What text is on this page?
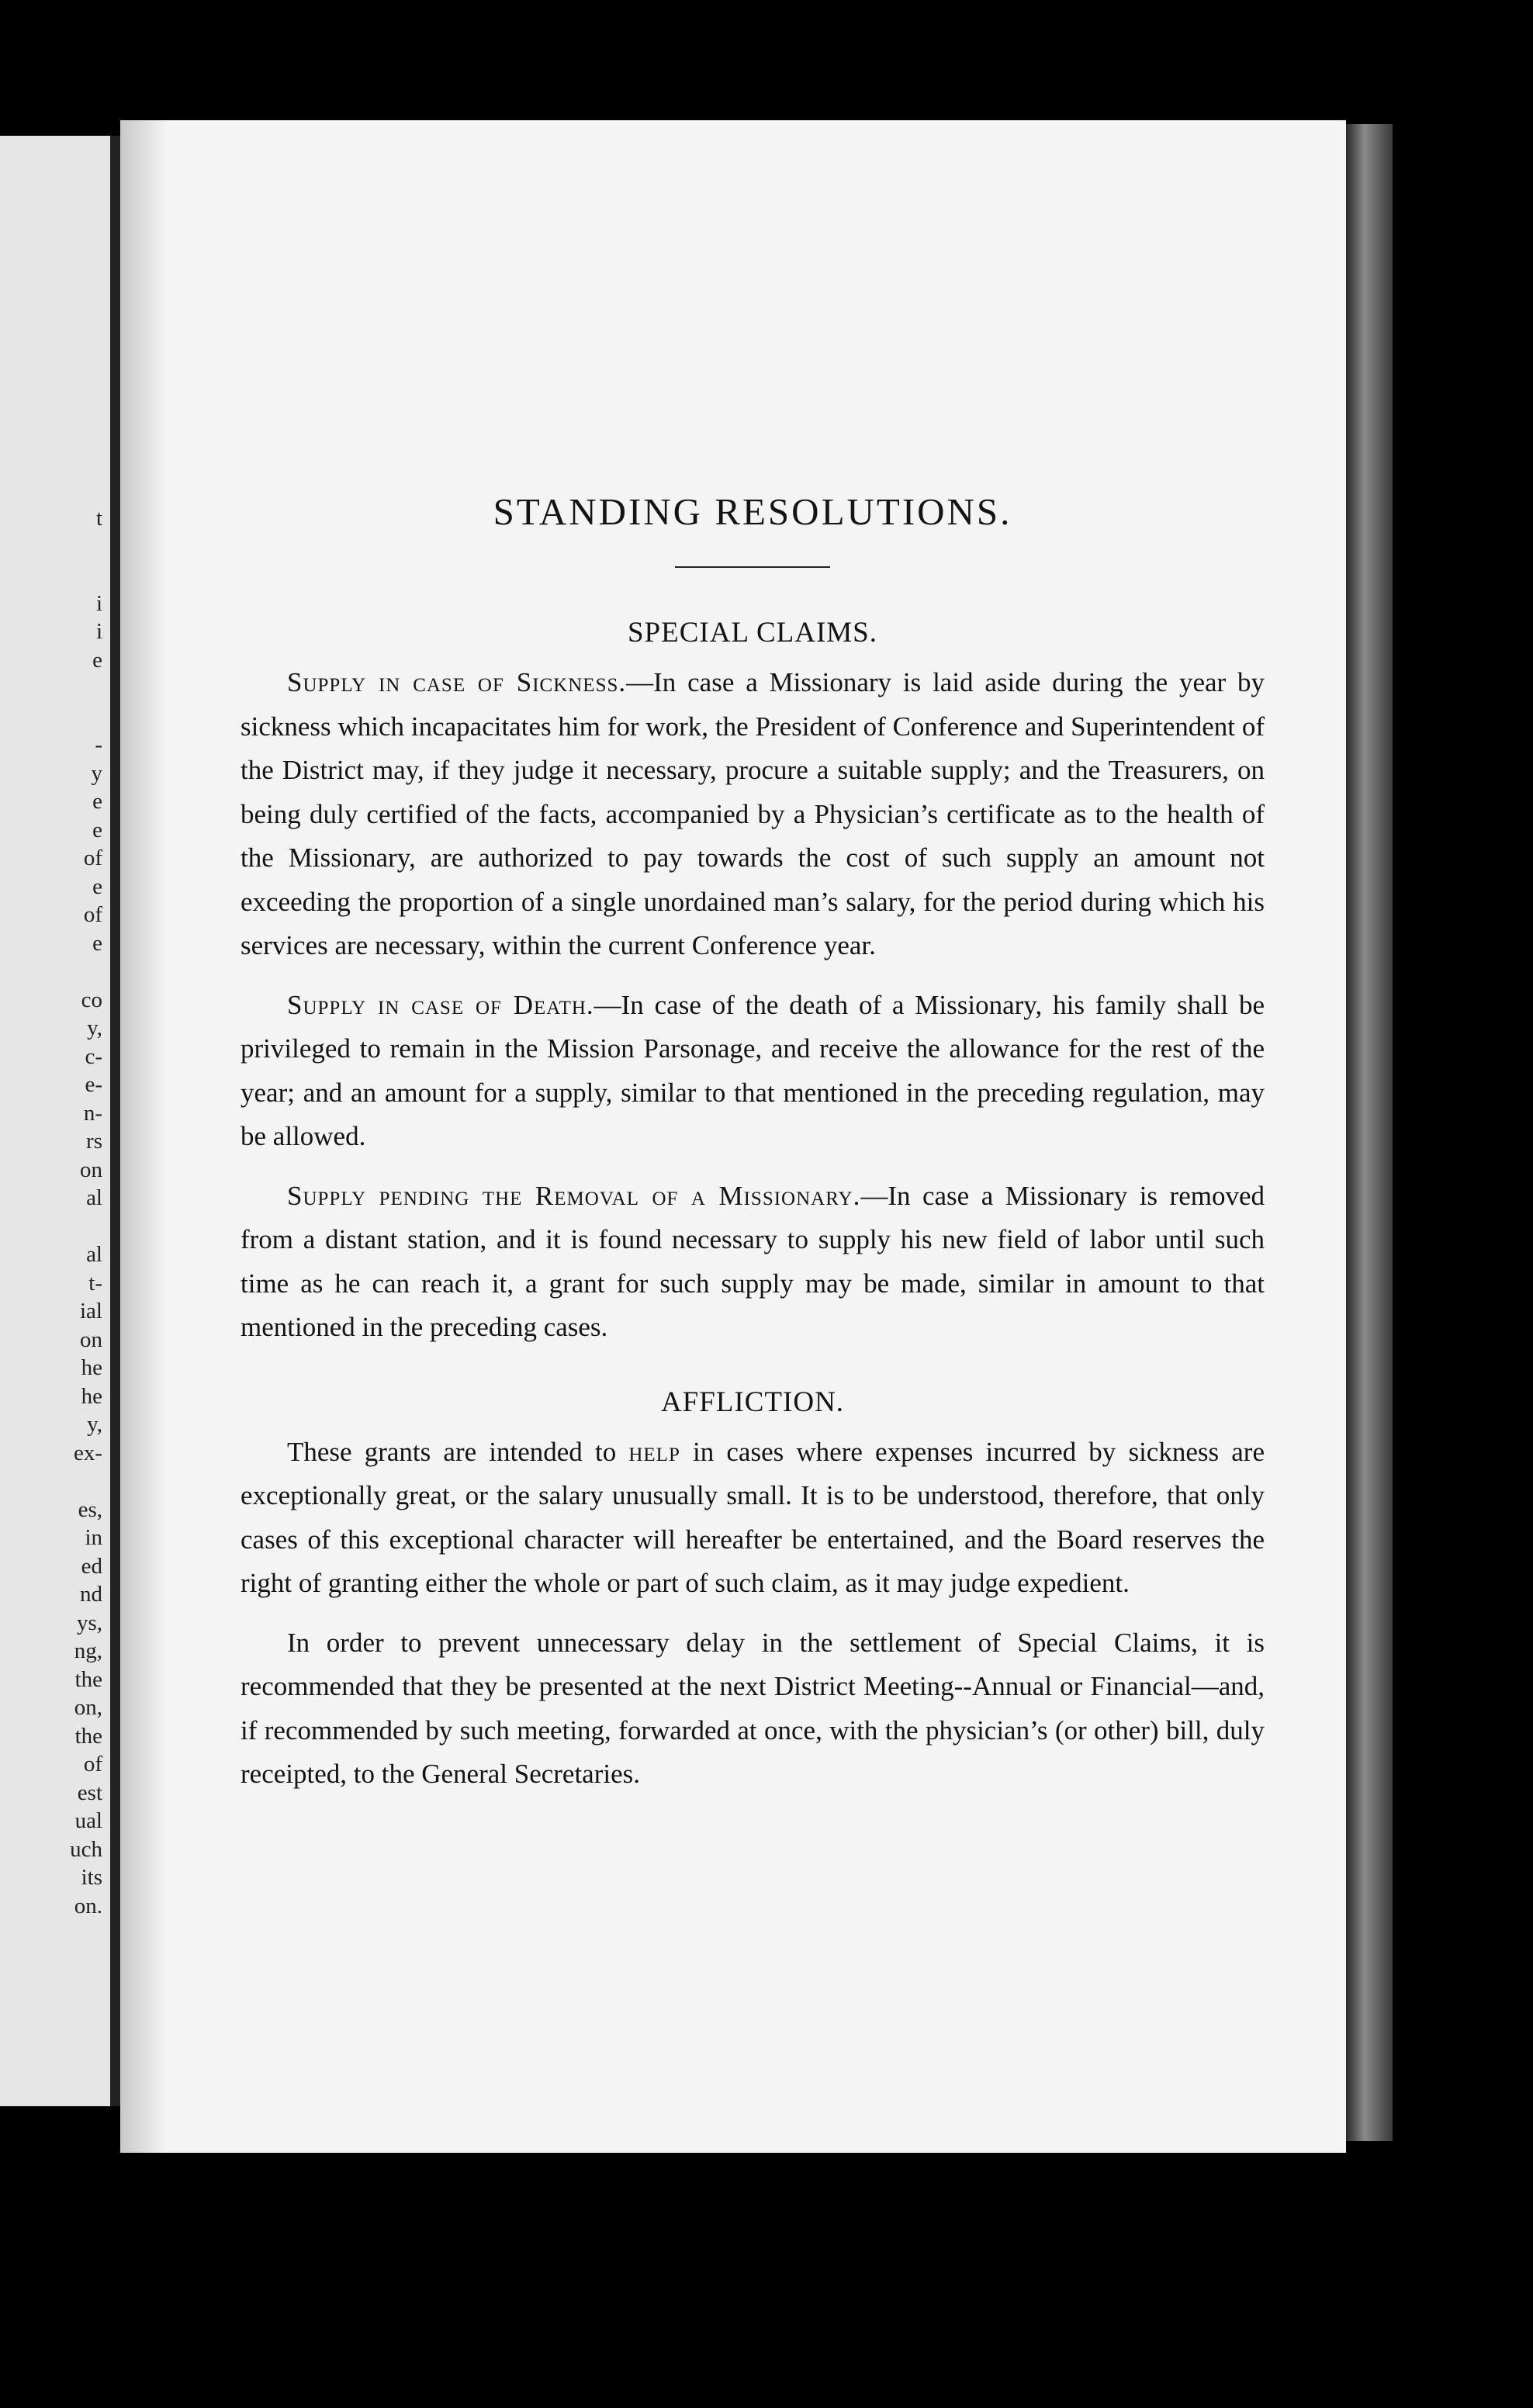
t
i
i
e
-
y
e
e
of
e
of
e
co
y,
c-
e-
n-
rs
on
al
al
t-
ial
on
he
he
y,
ex-
es,
in
ed
nd
ys,
ng,
the
on,
the
of
est
ual
uch
its
on.
STANDING RESOLUTIONS.
SPECIAL CLAIMS.

Supply in case of Sickness.—In case a Missionary is laid aside during the year by sickness which incapacitates him for work, the President of Conference and Superintendent of the District may, if they judge it necessary, procure a suitable supply; and the Treasurers, on being duly certified of the facts, accompanied by a Physician’s certificate as to the health of the Missionary, are authorized to pay towards the cost of such supply an amount not exceeding the proportion of a single unordained man’s salary, for the period during which his services are necessary, within the current Conference year.

Supply in case of Death.—In case of the death of a Missionary, his family shall be privileged to remain in the Mission Parsonage, and receive the allowance for the rest of the year; and an amount for a supply, similar to that mentioned in the preceding regulation, may be allowed.

Supply pending the Removal of a Missionary.—In case a Missionary is removed from a distant station, and it is found necessary to supply his new field of labor until such time as he can reach it, a grant for such supply may be made, similar in amount to that mentioned in the preceding cases.

AFFLICTION.

These grants are intended to help in cases where expenses incurred by sickness are exceptionally great, or the salary unusually small. It is to be understood, therefore, that only cases of this exceptional character will hereafter be entertained, and the Board reserves the right of granting either the whole or part of such claim, as it may judge expedient.

In order to prevent unnecessary delay in the settlement of Special Claims, it is recommended that they be presented at the next District Meeting--Annual or Financial—and, if recommended by such meeting, forwarded at once, with the physician’s (or other) bill, duly receipted, to the General Secretaries.
